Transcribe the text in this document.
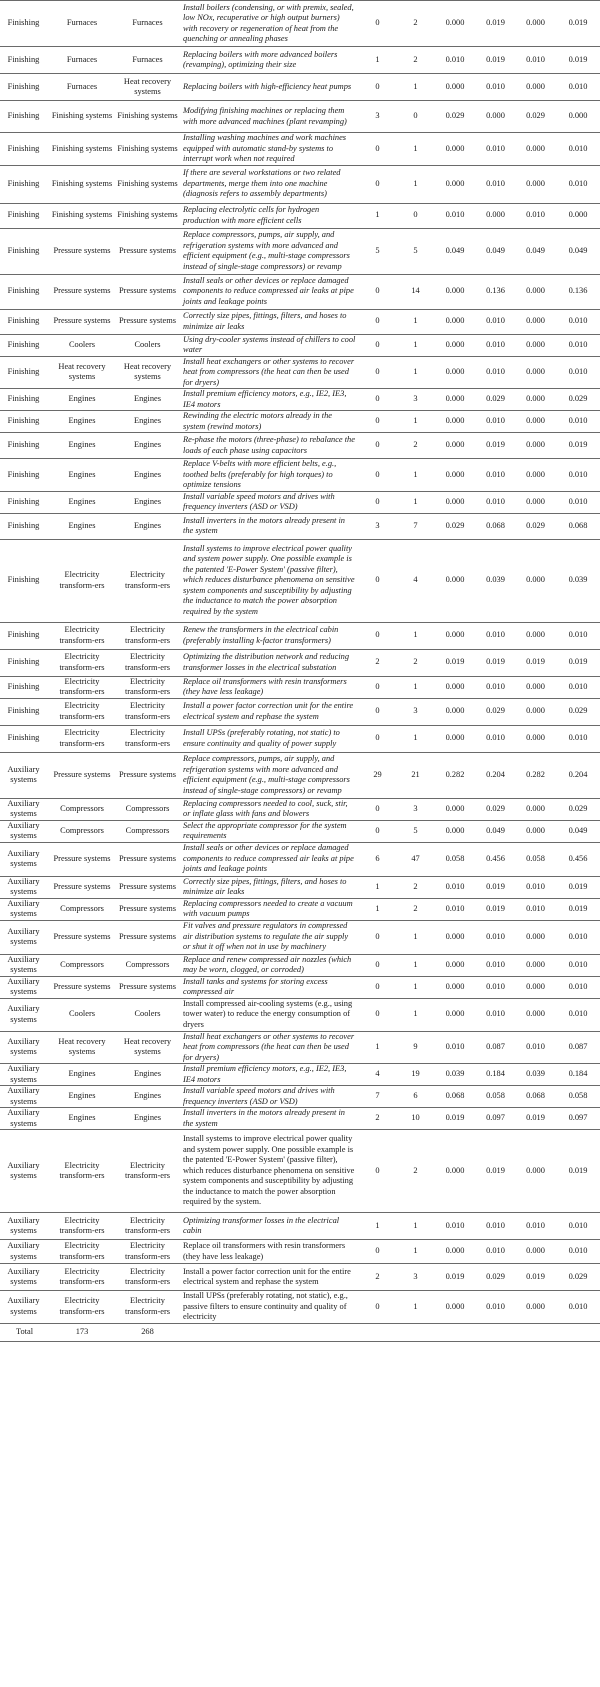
Finishing	Furnaces	Furnaces	Install boilers (condensing, or with premix, sealed, low NOx, recuperative or high output burners) with recovery or regeneration of heat from the quenching or annealing phases	0	2	0.000	0.019	0.000	0.019
Finishing	Furnaces	Furnaces	Replacing boilers with more advanced boilers (revamping), optimizing their size	1	2	0.010	0.019	0.010	0.019
Finishing	Furnaces	Heat recovery systems	Replacing boilers with high-efficiency heat pumps	0	1	0.000	0.010	0.000	0.010
Finishing	Finishing systems	Finishing systems	Modifying finishing machines or replacing them with more advanced machines (plant revamping)	3	0	0.029	0.000	0.029	0.000
Finishing	Finishing systems	Finishing systems	Installing washing machines and work machines equipped with automatic stand-by systems to interrupt work when not required	0	1	0.000	0.010	0.000	0.010
Finishing	Finishing systems	Finishing systems	If there are several workstations or two related departments, merge them into one machine (diagnosis refers to assembly departments)	0	1	0.000	0.010	0.000	0.010
Finishing	Finishing systems	Finishing systems	Replacing electrolytic cells for hydrogen production with more efficient cells	1	0	0.010	0.000	0.010	0.000
Finishing	Pressure systems	Pressure systems	Replace compressors, pumps, air supply, and refrigeration systems with more advanced and efficient equipment (e.g., multi-stage compressors instead of single-stage compressors) or revamp	5	5	0.049	0.049	0.049	0.049
Finishing	Pressure systems	Pressure systems	Install seals or other devices or replace damaged components to reduce compressed air leaks at pipe joints and leakage points	0	14	0.000	0.136	0.000	0.136
Finishing	Pressure systems	Pressure systems	Correctly size pipes, fittings, filters, and hoses to minimize air leaks	0	1	0.000	0.010	0.000	0.010
Finishing	Coolers	Coolers	Using dry-cooler systems instead of chillers to cool water	0	1	0.000	0.010	0.000	0.010
Finishing	Heat recovery systems	Heat recovery systems	Install heat exchangers or other systems to recover heat from compressors (the heat can then be used for dryers)	0	1	0.000	0.010	0.000	0.010
Finishing	Engines	Engines	Install premium efficiency motors, e.g., IE2, IE3, IE4 motors	0	3	0.000	0.029	0.000	0.029
Finishing	Engines	Engines	Rewinding the electric motors already in the system (rewind motors)	0	1	0.000	0.010	0.000	0.010
Finishing	Engines	Engines	Re-phase the motors (three-phase) to rebalance the loads of each phase using capacitors	0	2	0.000	0.019	0.000	0.019
Finishing	Engines	Engines	Replace V-belts with more efficient belts, e.g., toothed belts (preferably for high torques) to optimize tensions	0	1	0.000	0.010	0.000	0.010
Finishing	Engines	Engines	Install variable speed motors and drives with frequency inverters (ASD or VSD)	0	1	0.000	0.010	0.000	0.010
Finishing	Engines	Engines	Install inverters in the motors already present in the system	3	7	0.029	0.068	0.029	0.068
Finishing	Electricity transform-ers	Electricity transform-ers	Install systems to improve electrical power quality and system power supply. One possible example is the patented 'E-Power System' (passive filter), which reduces disturbance phenomena on sensitive system components and susceptibility by adjusting the inductance to match the power absorption required by the system	0	4	0.000	0.039	0.000	0.039
Finishing	Electricity transform-ers	Electricity transform-ers	Renew the transformers in the electrical cabin (preferably installing k-factor transformers)	0	1	0.000	0.010	0.000	0.010
Finishing	Electricity transform-ers	Electricity transform-ers	Optimizing the distribution network and reducing transformer losses in the electrical substation	2	2	0.019	0.019	0.019	0.019
Finishing	Electricity transform-ers	Electricity transform-ers	Replace oil transformers with resin transformers (they have less leakage)	0	1	0.000	0.010	0.000	0.010
Finishing	Electricity transform-ers	Electricity transform-ers	Install a power factor correction unit for the entire electrical system and rephase the system	0	3	0.000	0.029	0.000	0.029
Finishing	Electricity transform-ers	Electricity transform-ers	Install UPSs (preferably rotating, not static) to ensure continuity and quality of power supply	0	1	0.000	0.010	0.000	0.010
Auxiliary systems	Pressure systems	Pressure systems	Replace compressors, pumps, air supply, and refrigeration systems with more advanced and efficient equipment (e.g., multi-stage compressors instead of single-stage compressors) or revamp	29	21	0.282	0.204	0.282	0.204
Auxiliary systems	Compressors	Compressors	Replacing compressors needed to cool, suck, stir, or inflate glass with fans and blowers	0	3	0.000	0.029	0.000	0.029
Auxiliary systems	Compressors	Compressors	Select the appropriate compressor for the system requirements	0	5	0.000	0.049	0.000	0.049
Auxiliary systems	Pressure systems	Pressure systems	Install seals or other devices or replace damaged components to reduce compressed air leaks at pipe joints and leakage points	6	47	0.058	0.456	0.058	0.456
Auxiliary systems	Pressure systems	Pressure systems	Correctly size pipes, fittings, filters, and hoses to minimize air leaks	1	2	0.010	0.019	0.010	0.019
Auxiliary systems	Compressors	Pressure systems	Replacing compressors needed to create a vacuum with vacuum pumps	1	2	0.010	0.019	0.010	0.019
Auxiliary systems	Pressure systems	Pressure systems	Fit valves and pressure regulators in compressed air distribution systems to regulate the air supply or shut it off when not in use by machinery	0	1	0.000	0.010	0.000	0.010
Auxiliary systems	Compressors	Compressors	Replace and renew compressed air nozzles (which may be worn, clogged, or corroded)	0	1	0.000	0.010	0.000	0.010
Auxiliary systems	Pressure systems	Pressure systems	Install tanks and systems for storing excess compressed air	0	1	0.000	0.010	0.000	0.010
Auxiliary systems	Coolers	Coolers	Install compressed air-cooling systems (e.g., using tower water) to reduce the energy consumption of dryers	0	1	0.000	0.010	0.000	0.010
Auxiliary systems	Heat recovery systems	Heat recovery systems	Install heat exchangers or other systems to recover heat from compressors (the heat can then be used for dryers)	1	9	0.010	0.087	0.010	0.087
Auxiliary systems	Engines	Engines	Install premium efficiency motors, e.g., IE2, IE3, IE4 motors	4	19	0.039	0.184	0.039	0.184
Auxiliary systems	Engines	Engines	Install variable speed motors and drives with frequency inverters (ASD or VSD)	7	6	0.068	0.058	0.068	0.058
Auxiliary systems	Engines	Engines	Install inverters in the motors already present in the system	2	10	0.019	0.097	0.019	0.097
Auxiliary systems	Electricity transform-ers	Electricity transform-ers	Install systems to improve electrical power quality and system power supply. One possible example is the patented 'E-Power System' (passive filter), which reduces disturbance phenomena on sensitive system components and susceptibility by adjusting the inductance to match the power absorption required by the system.	0	2	0.000	0.019	0.000	0.019
Auxiliary systems	Electricity transform-ers	Electricity transform-ers	Optimizing transformer losses in the electrical cabin	1	1	0.010	0.010	0.010	0.010
Auxiliary systems	Electricity transform-ers	Electricity transform-ers	Replace oil transformers with resin transformers (they have less leakage)	0	1	0.000	0.010	0.000	0.010
Auxiliary systems	Electricity transform-ers	Electricity transform-ers	Install a power factor correction unit for the entire electrical system and rephase the system	2	3	0.019	0.029	0.019	0.029
Auxiliary systems	Electricity transform-ers	Electricity transform-ers	Install UPSs (preferably rotating, not static), e.g., passive filters to ensure continuity and quality of electricity	0	1	0.000	0.010	0.000	0.010
Total	173	268							
